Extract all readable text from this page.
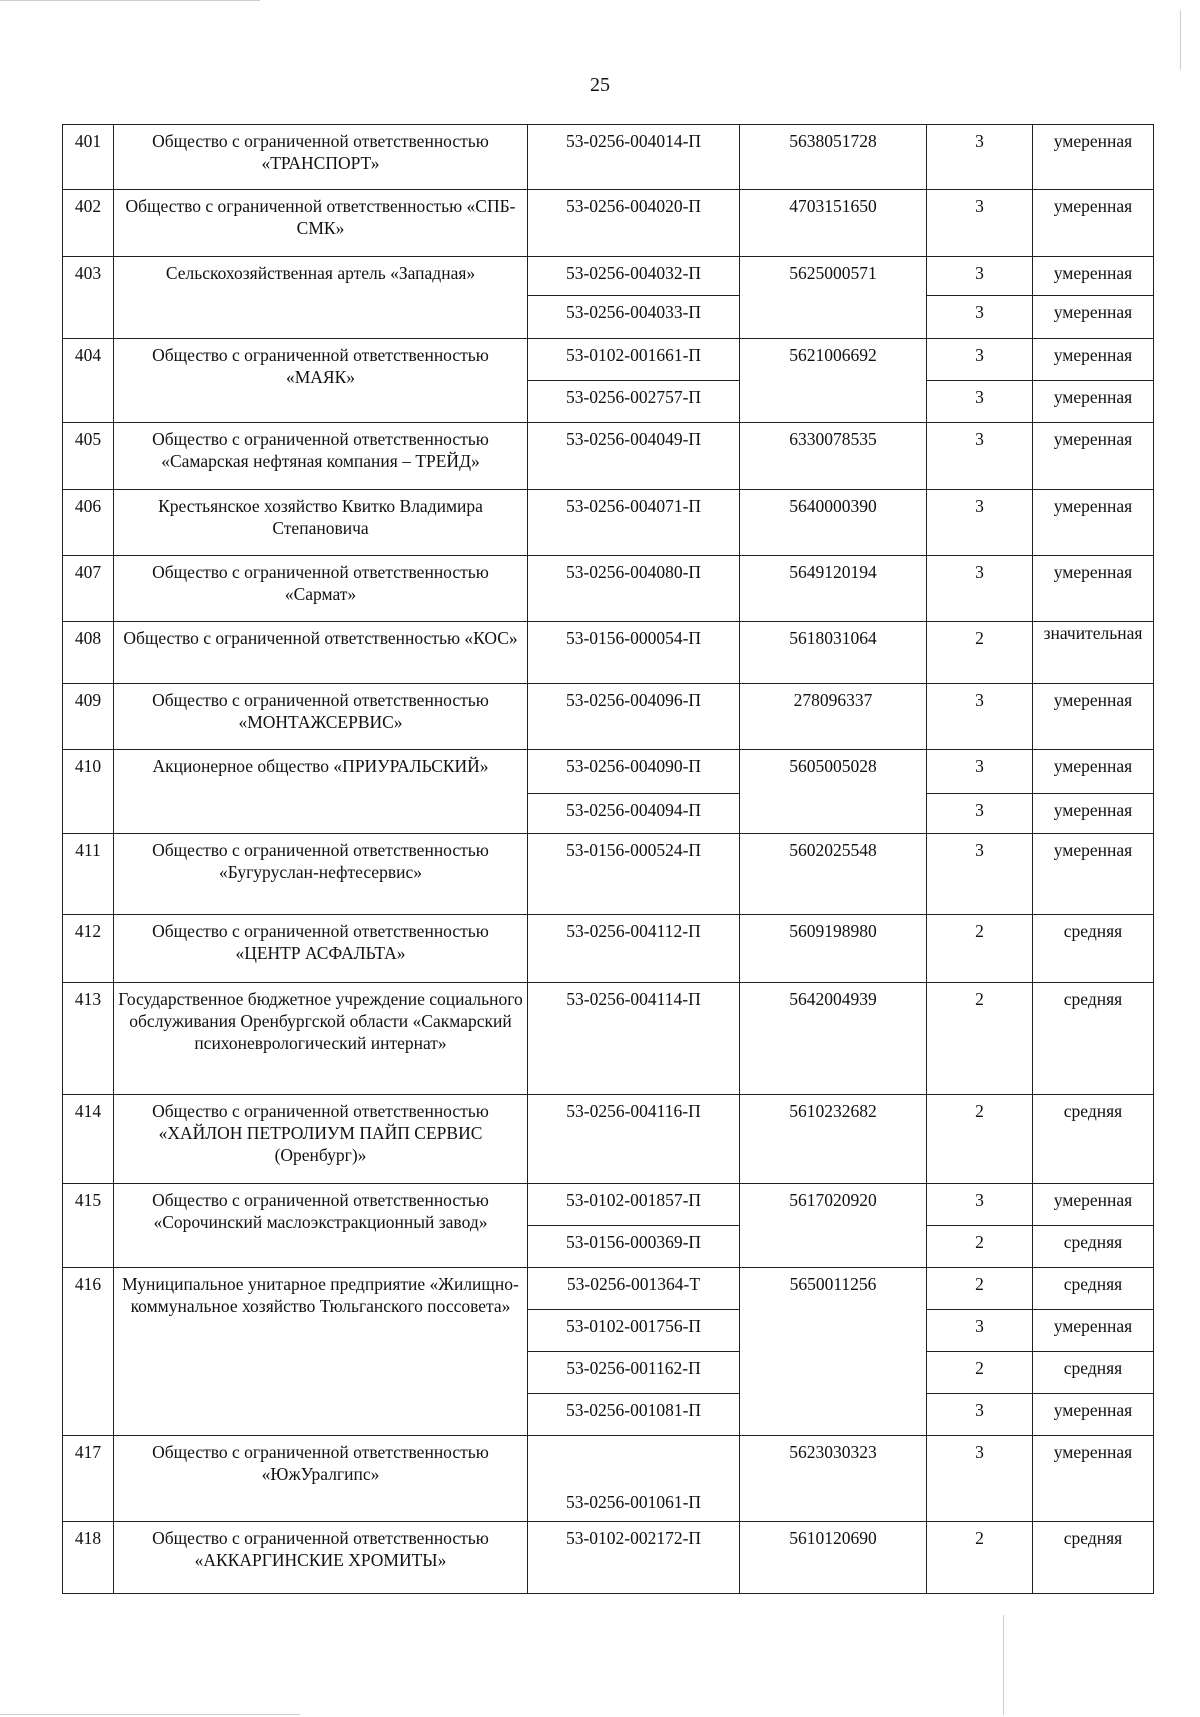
25
401	Общество с ограниченной ответственностью «ТРАНСПОРТ»	53-0256-004014-П	5638051728	3	умеренная
402	Общество с ограниченной ответственностью «СПБ-СМК»	53-0256-004020-П	4703151650	3	умеренная
403	Сельскохозяйственная артель «Западная»	53-0256-004032-П	5625000571	3	умеренная
		53-0256-004033-П		3	умеренная
404	Общество с ограниченной ответственностью «МАЯК»	53-0102-001661-П	5621006692	3	умеренная
		53-0256-002757-П		3	умеренная
405	Общество с ограниченной ответственностью «Самарская нефтяная компания – ТРЕЙД»	53-0256-004049-П	6330078535	3	умеренная
406	Крестьянское хозяйство Квитко Владимира Степановича	53-0256-004071-П	5640000390	3	умеренная
407	Общество с ограниченной ответственностью «Сармат»	53-0256-004080-П	5649120194	3	умеренная
408	Общество с ограниченной ответственностью «КОС»	53-0156-000054-П	5618031064	2	значительная
409	Общество с ограниченной ответственностью «МОНТАЖСЕРВИС»	53-0256-004096-П	278096337	3	умеренная
410	Акционерное общество «ПРИУРАЛЬСКИЙ»	53-0256-004090-П	5605005028	3	умеренная
		53-0256-004094-П		3	умеренная
411	Общество с ограниченной ответственностью «Бугуруслан-нефтесервис»	53-0156-000524-П	5602025548	3	умеренная
412	Общество с ограниченной ответственностью «ЦЕНТР АСФАЛЬТА»	53-0256-004112-П	5609198980	2	средняя
413	Государственное бюджетное учреждение социального обслуживания Оренбургской области «Сакмарский психоневрологический интернат»	53-0256-004114-П	5642004939	2	средняя
414	Общество с ограниченной ответственностью «ХАЙЛОН ПЕТРОЛИУМ ПАЙП СЕРВИС (Оренбург)»	53-0256-004116-П	5610232682	2	средняя
415	Общество с ограниченной ответственностью «Сорочинский маслоэкстракционный завод»	53-0102-001857-П	5617020920	3	умеренная
		53-0156-000369-П		2	средняя
416	Муниципальное унитарное предприятие «Жилищно-коммунальное хозяйство Тюльганского поссовета»	53-0256-001364-Т	5650011256	2	средняя
		53-0102-001756-П		3	умеренная
		53-0256-001162-П		2	средняя
		53-0256-001081-П		3	умеренная
417	Общество с ограниченной ответственностью «ЮжУралгипс»	53-0256-001061-П	5623030323	3	умеренная
418	Общество с ограниченной ответственностью «АККАРГИНСКИЕ ХРОМИТЫ»	53-0102-002172-П	5610120690	2	средняя
